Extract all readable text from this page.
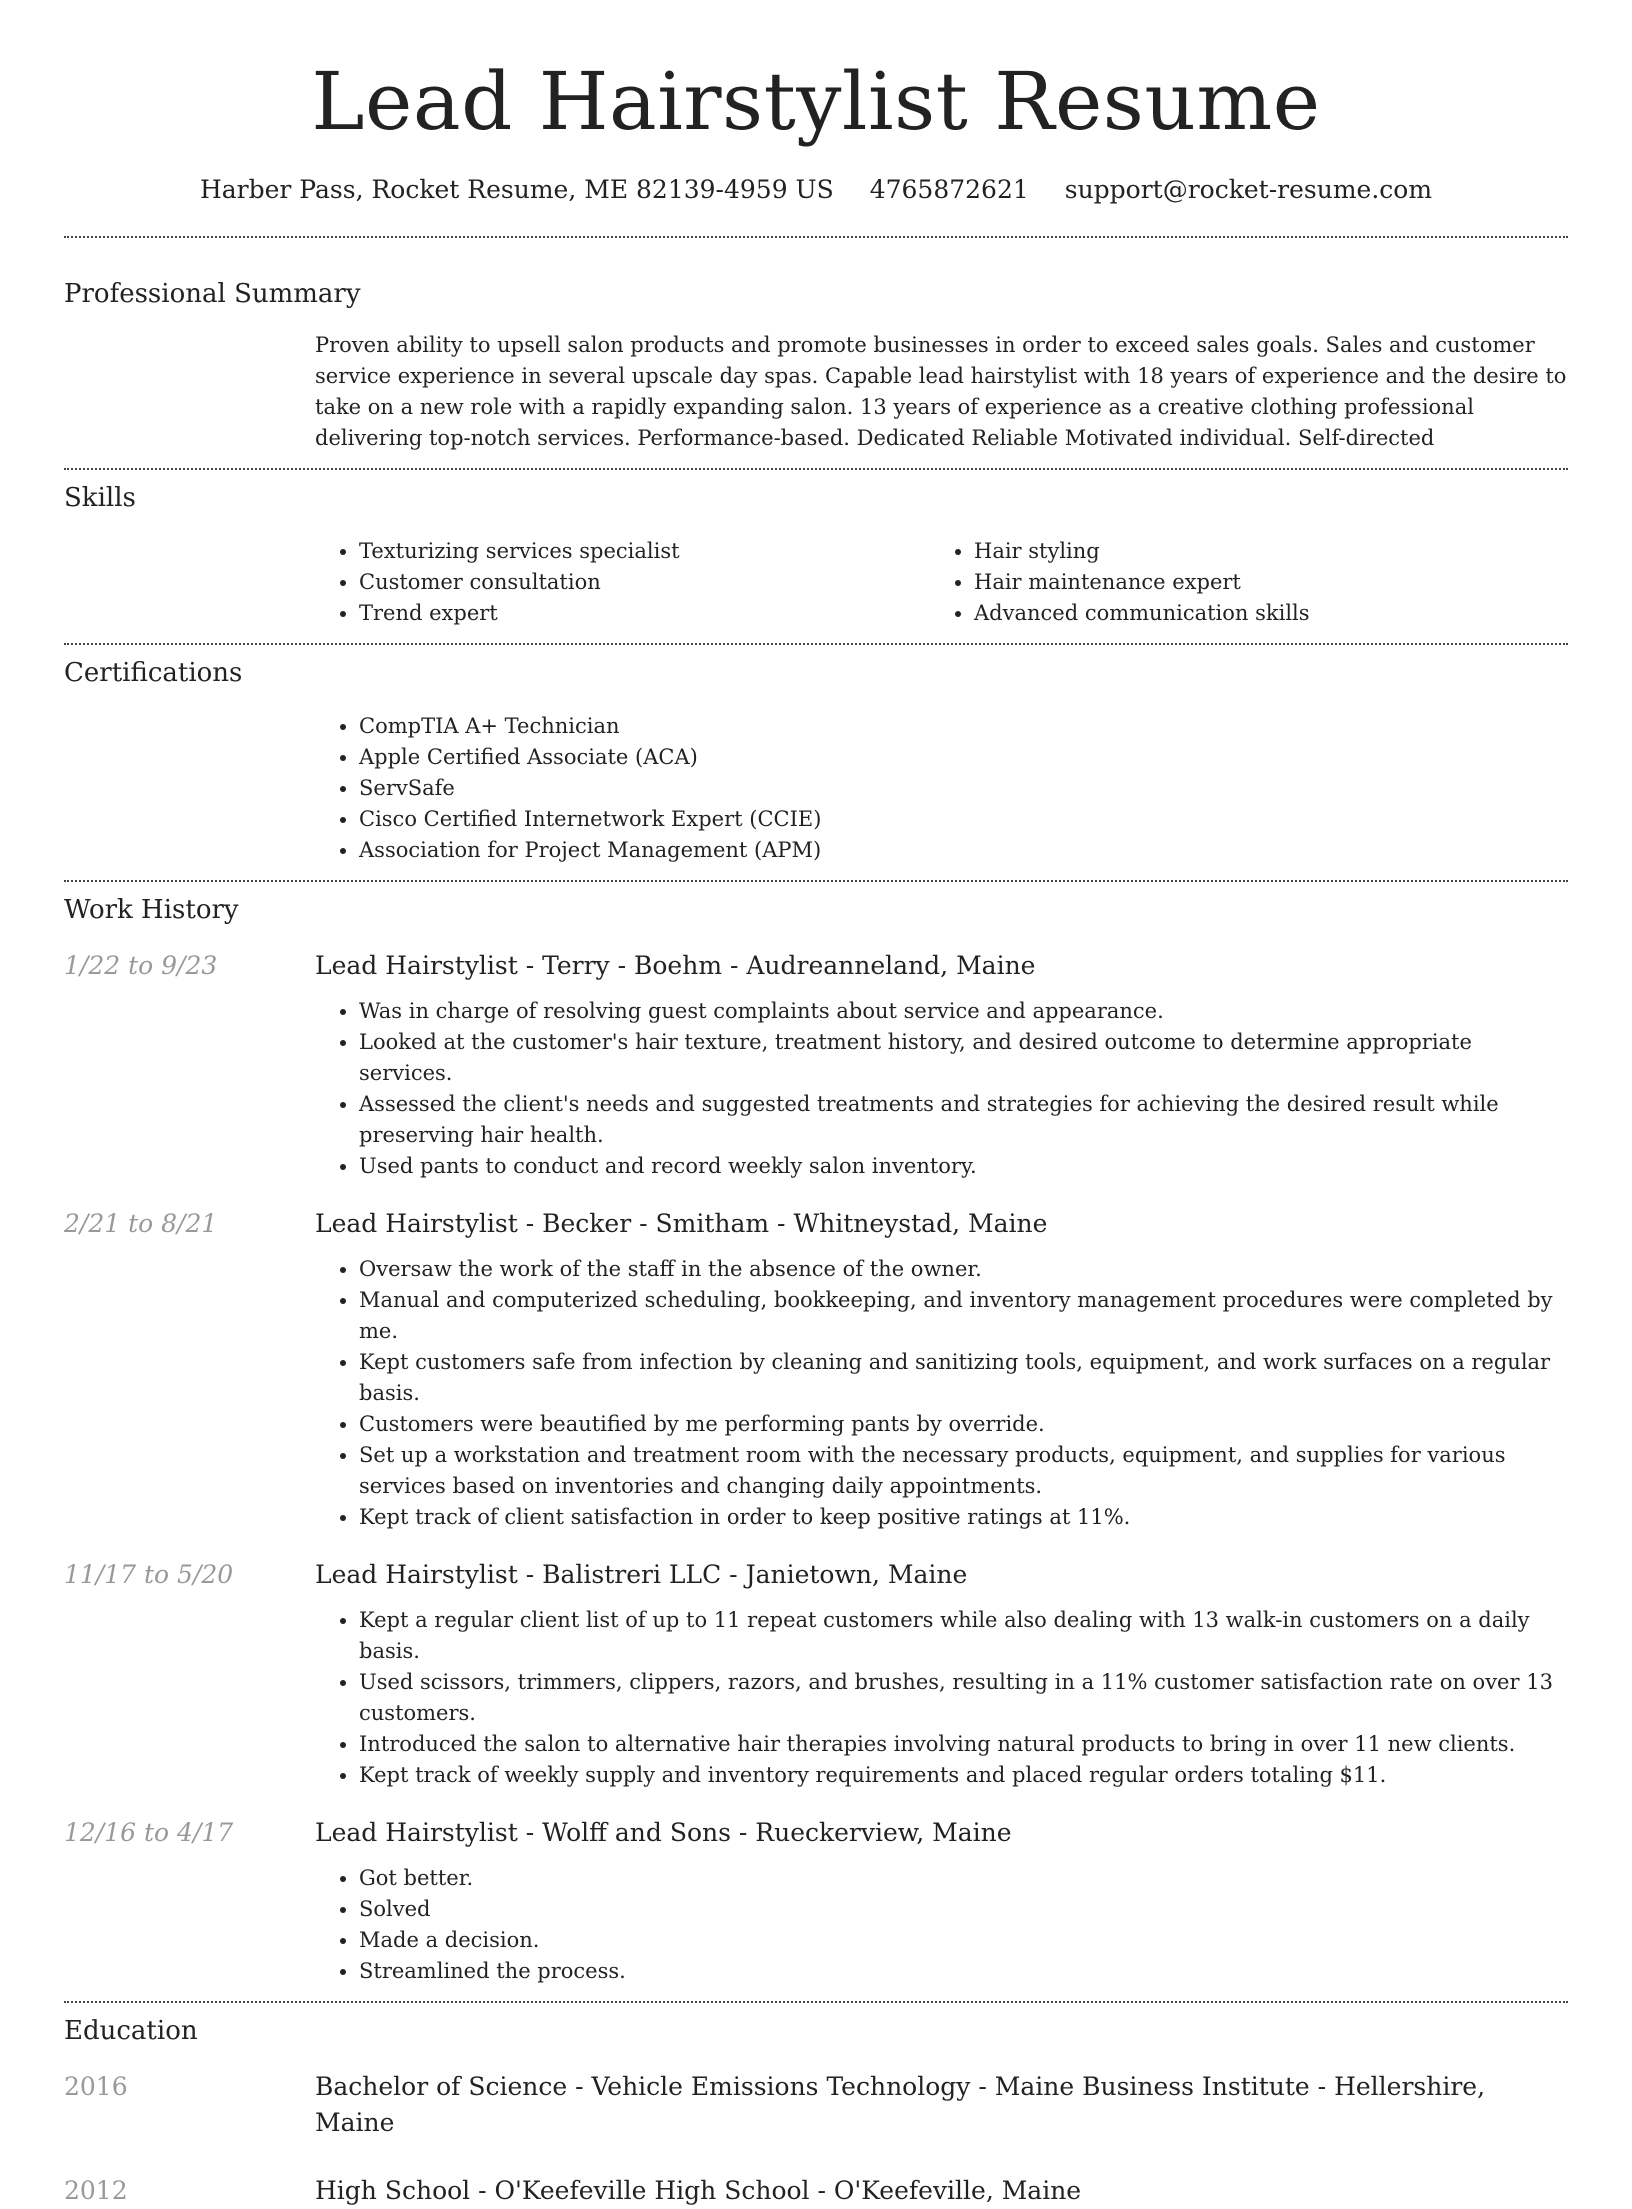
Lead Hairstylist Resume
Harber Pass, Rocket Resume, ME 82139-4959 US 4765872621 support@rocket-resume.com
Professional Summary

Proven ability to upsell salon products and promote businesses in order to exceed sales goals. Sales and customer service experience in several upscale day spas. Capable lead hairstylist with 18 years of experience and the desire to take on a new role with a rapidly expanding salon. 13 years of experience as a creative clothing professional delivering top-notch services. Performance-based. Dedicated Reliable Motivated individual. Self-directed

Skills
• Texturizing services specialist
• Customer consultation
• Trend expert
• Hair styling
• Hair maintenance expert
• Advanced communication skills
Certifications
• CompTIA A+ Technician
• Apple Certified Associate (ACA)
• ServSafe
• Cisco Certified Internetwork Expert (CCIE)
• Association for Project Management (APM)
Work History
1/22 to 9/23	Lead Hairstylist - Terry - Boehm - Audreanneland, Maine
• Was in charge of resolving guest complaints about service and appearance.
• Looked at the customer's hair texture, treatment history, and desired outcome to determine appropriate services.
• Assessed the client's needs and suggested treatments and strategies for achieving the desired result while preserving hair health.
• Used pants to conduct and record weekly salon inventory.
2/21 to 8/21	Lead Hairstylist - Becker - Smitham - Whitneystad, Maine
• Oversaw the work of the staff in the absence of the owner.
• Manual and computerized scheduling, bookkeeping, and inventory management procedures were completed by me.
• Kept customers safe from infection by cleaning and sanitizing tools, equipment, and work surfaces on a regular basis.
• Customers were beautified by me performing pants by override.
• Set up a workstation and treatment room with the necessary products, equipment, and supplies for various services based on inventories and changing daily appointments.
• Kept track of client satisfaction in order to keep positive ratings at 11%.
11/17 to 5/20	Lead Hairstylist - Balistreri LLC - Janietown, Maine
• Kept a regular client list of up to 11 repeat customers while also dealing with 13 walk-in customers on a daily basis.
• Used scissors, trimmers, clippers, razors, and brushes, resulting in a 11% customer satisfaction rate on over 13 customers.
• Introduced the salon to alternative hair therapies involving natural products to bring in over 11 new clients.
• Kept track of weekly supply and inventory requirements and placed regular orders totaling $11.
12/16 to 4/17	Lead Hairstylist - Wolff and Sons - Rueckerview, Maine
• Got better.
• Solved
• Made a decision.
• Streamlined the process.
Education
2016	Bachelor of Science - Vehicle Emissions Technology - Maine Business Institute - Hellershire, Maine
2012	High School - O'Keefeville High School - O'Keefeville, Maine
